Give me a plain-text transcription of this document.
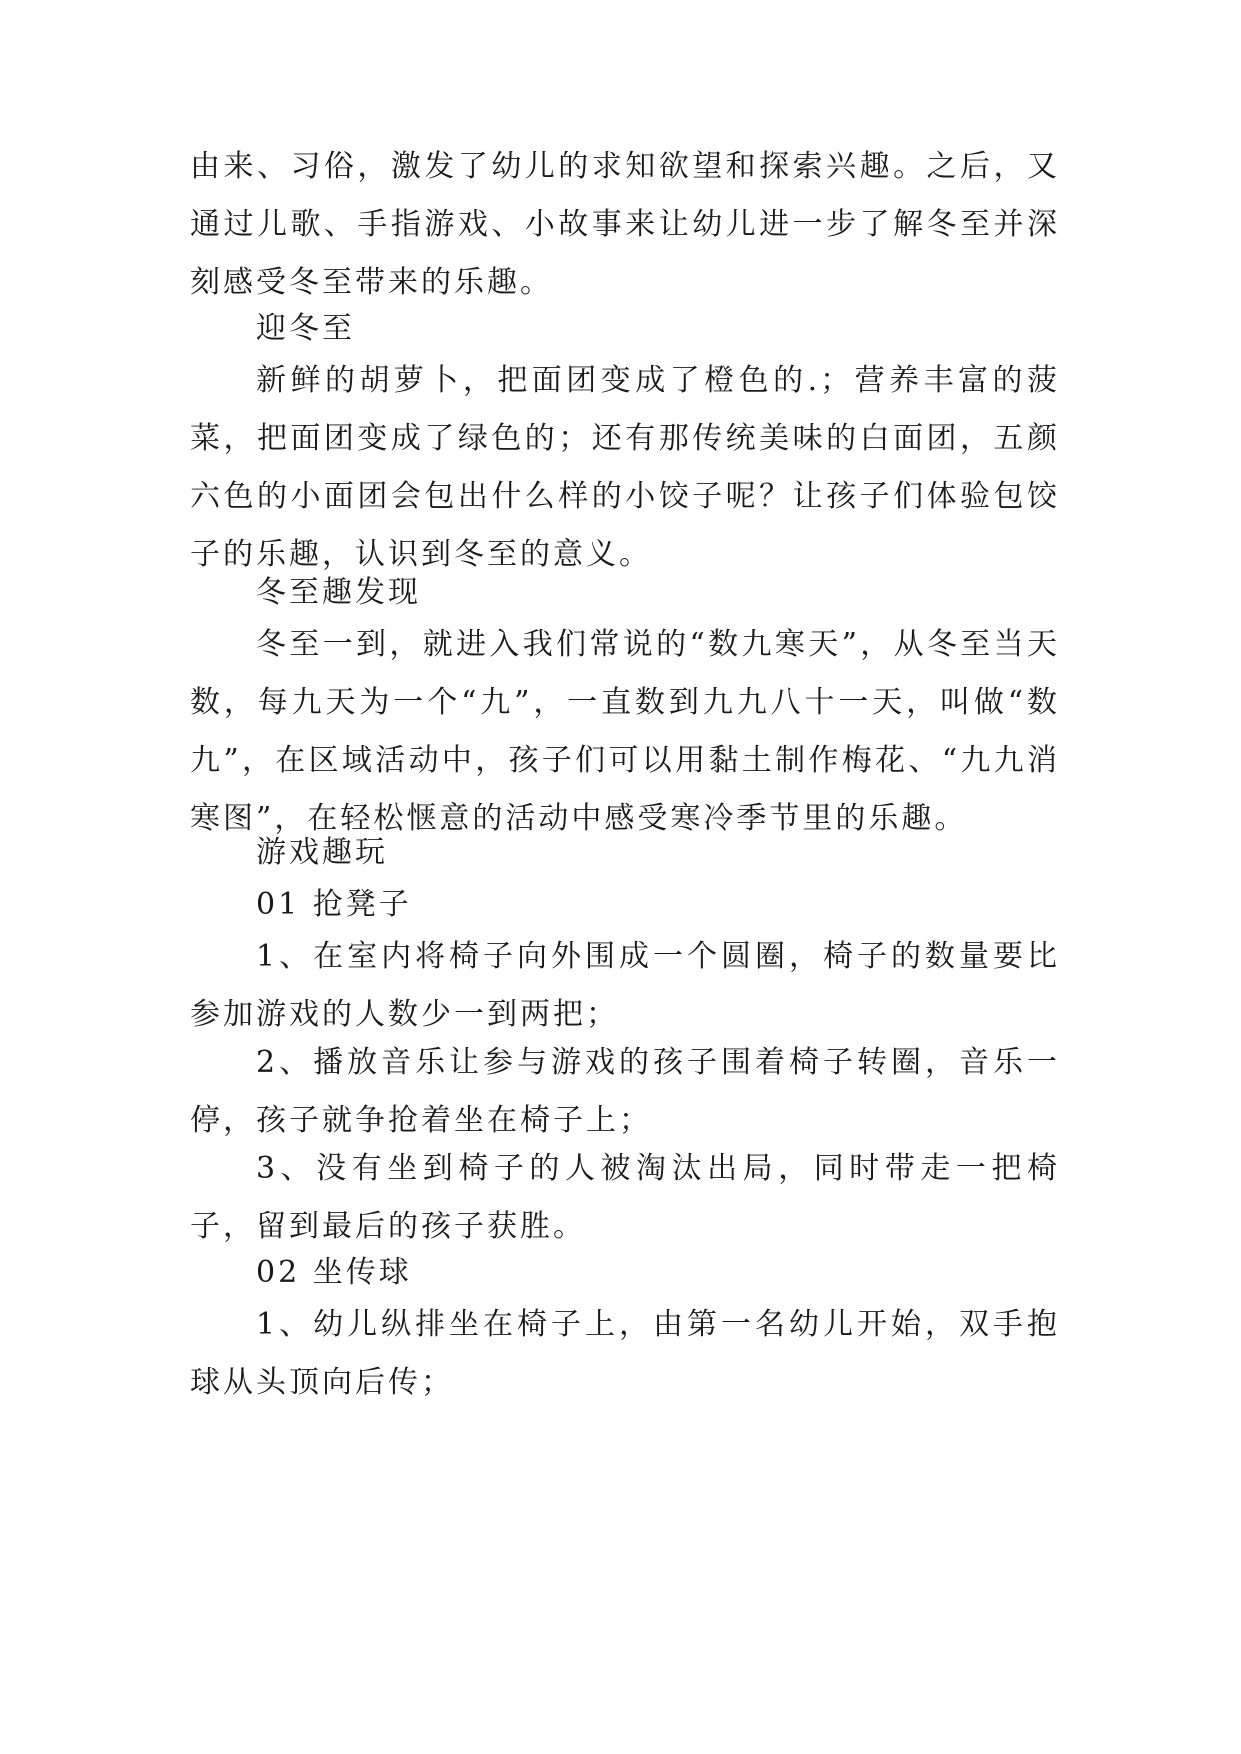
由来、习俗，激发了幼儿的求知欲望和探索兴趣。之后，又通过儿歌、手指游戏、小故事来让幼儿进一步了解冬至并深刻感受冬至带来的乐趣。

迎冬至

新鲜的胡萝卜，把面团变成了橙色的.；营养丰富的菠菜，把面团变成了绿色的；还有那传统美味的白面团，五颜六色的小面团会包出什么样的小饺子呢？让孩子们体验包饺子的乐趣，认识到冬至的意义。

冬至趣发现

冬至一到，就进入我们常说的“数九寒天”，从冬至当天数，每九天为一个“九”，一直数到九九八十一天，叫做“数九”，在区域活动中，孩子们可以用黏土制作梅花、“九九消寒图”，在轻松惬意的活动中感受寒冷季节里的乐趣。

游戏趣玩

01 抢凳子

1、在室内将椅子向外围成一个圆圈，椅子的数量要比参加游戏的人数少一到两把；

2、播放音乐让参与游戏的孩子围着椅子转圈，音乐一停，孩子就争抢着坐在椅子上；

3、没有坐到椅子的人被淘汰出局，同时带走一把椅子，留到最后的孩子获胜。

02 坐传球

1、幼儿纵排坐在椅子上，由第一名幼儿开始，双手抱球从头顶向后传；
